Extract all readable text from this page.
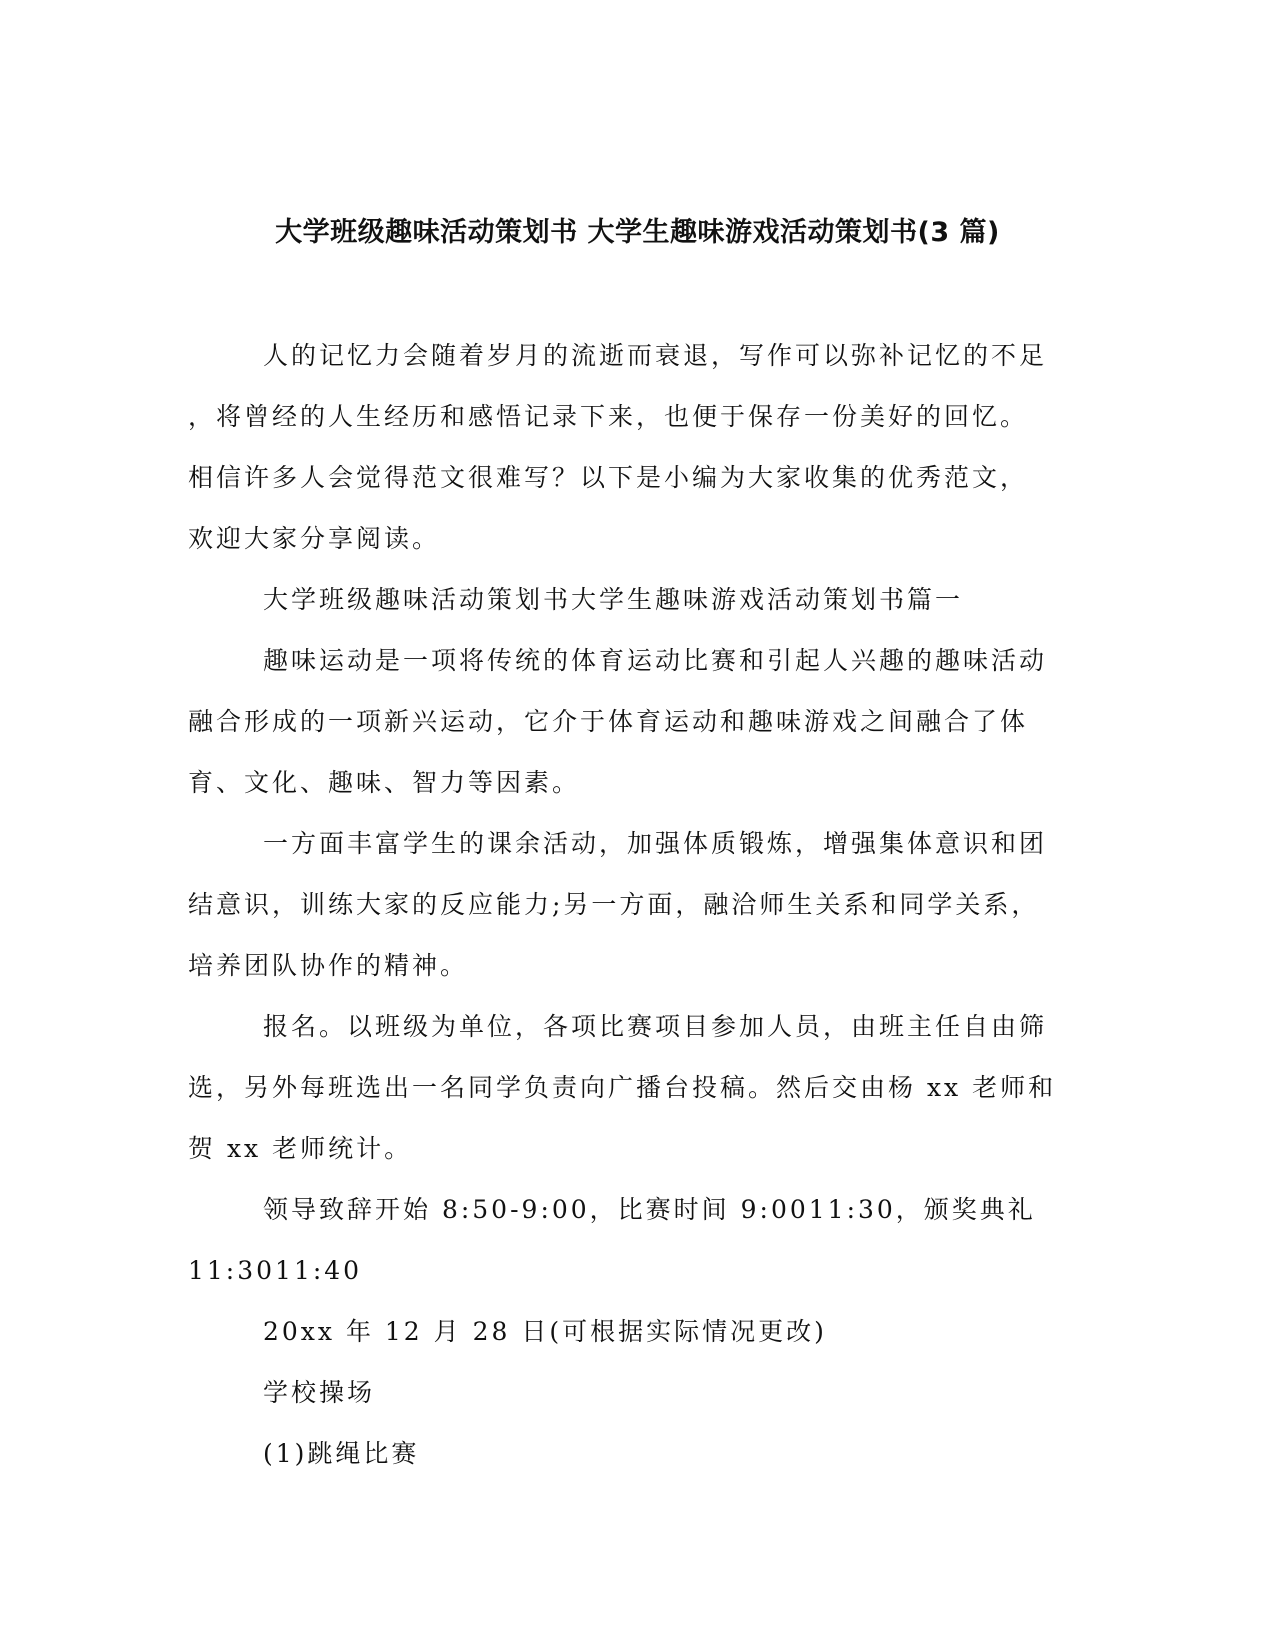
大学班级趣味活动策划书 大学生趣味游戏活动策划书(3 篇)

人的记忆力会随着岁月的流逝而衰退，写作可以弥补记忆的不足

，将曾经的人生经历和感悟记录下来，也便于保存一份美好的回忆。

相信许多人会觉得范文很难写？以下是小编为大家收集的优秀范文，

欢迎大家分享阅读。

大学班级趣味活动策划书大学生趣味游戏活动策划书篇一

趣味运动是一项将传统的体育运动比赛和引起人兴趣的趣味活动

融合形成的一项新兴运动，它介于体育运动和趣味游戏之间融合了体

育、文化、趣味、智力等因素。

一方面丰富学生的课余活动，加强体质锻炼，增强集体意识和团

结意识，训练大家的反应能力;另一方面，融洽师生关系和同学关系，

培养团队协作的精神。

报名。以班级为单位，各项比赛项目参加人员，由班主任自由筛

选，另外每班选出一名同学负责向广播台投稿。然后交由杨 xx 老师和

贺 xx 老师统计。

领导致辞开始 8:50-9:00，比赛时间 9:0011:30，颁奖典礼

11:3011:40

20xx 年 12 月 28 日(可根据实际情况更改)

学校操场

(1)跳绳比赛
